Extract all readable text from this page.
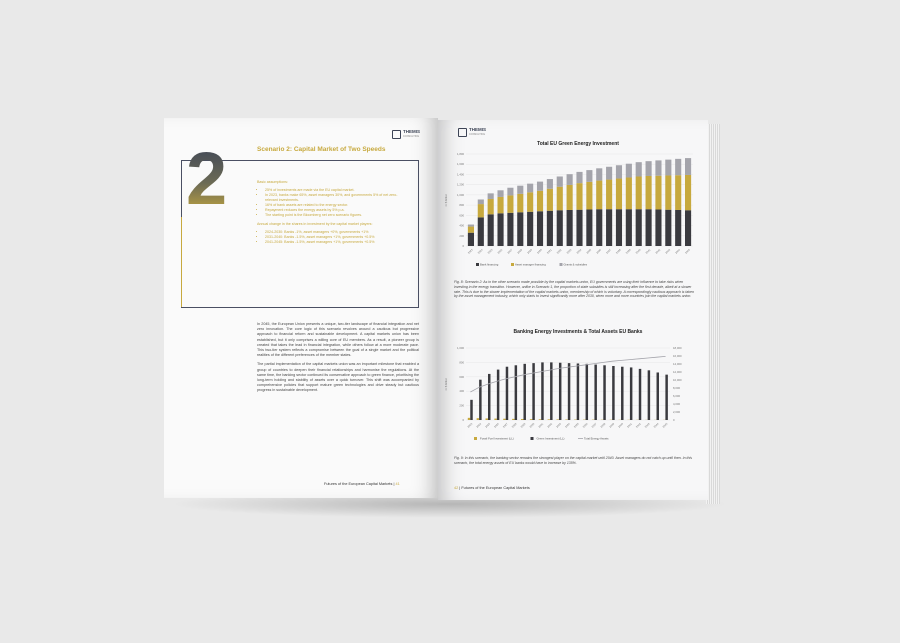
2
THEMIS
CONSULTING
Scenario 2: Capital Market of Two Speeds

Basic assumptions:

• 25% of investments are made via the EU capital market.
• In 2023, banks make 65%, asset managers 30%, and governments 5% of net zero-relevant investments.
• 16% of bank assets are related to the energy sector.
• Repayment reduces the energy assets by 5% p.a.
• The starting point is the Bloomberg net zero scenario figures.

Annual change in the shares in investment by the capital market players:

• 2024-2030: Banks -1%, asset managers +0%, governments +1%
• 2031-2040: Banks -1.5%, asset managers +1%, governments +0.5%
• 2041-2045: Banks -1.5%, asset managers +1%, governments +0.5%

In 2045, the European Union presents a unique, two-tier landscape of financial integration and net zero innovation. The core logic of this scenario revolves around a cautious but progressive approach to financial reform and sustainable development. A capital markets union has been established, but it only comprises a willing core of EU members. As a result, a pioneer group is created that takes the lead in financial integration, while others follow at a more moderate pace. This two-tier system reflects a compromise between the goal of a single market and the political realities of the different preferences of the member states.

The partial implementation of the capital markets union was an important milestone that enabled a group of countries to deepen their financial relationships and harmonise the regulations. At the same time, the banking sector continued its conservative approach to green finance, prioritising the long-term holding and stability of assets over a quick turnover. This shift was accompanied by comprehensive policies that support mature green technologies and drive steady but cautious progress in sustainable development.

Futures of the European Capital Markets | 41
THEMIS
CONSULTING
Total EU Green Energy Investment
0
200
400
600
800
1,000
1,200
1,400
1,600
1,800
in $ billion
2023 2024 2025 2026 2027 2028 2029 2030 2031 2032 2033 2034 2035 2036 2037 2038 2039 2040 2041 2042 2043 2044 2045
Bank financing	Asset manager financing	Grants & subsidies
Fig. 8: Scenario 2: As in the other scenario made possible by the capital markets union, EU governments are using their influence to take risks when investing in the energy transition. However, unlike in Scenario 1, the proportion of state subsidies is still increasing after the first decade, albeit at a slower rate. This is due to the slower implementation of the capital markets union, membership of which is voluntary. A correspondingly cautious approach is taken by the asset management industry, which only starts to invest significantly more after 2030, when more and more countries join the capital markets union.
Banking Energy Investments & Total Assets EU Banks
0
200
400
600
800
1,000
0
2,000
4,000
6,000
8,000
10,000
12,000
14,000
16,000
18,000
in $ billion
2023 2024 2025 2026 2027 2028 2029 2030 2031 2032 2033 2034 2035 2036 2037 2038 2039 2040 2041 2042 2043 2044 2045
Fossil Fuel Investment (LL)	Green Investment (LL)	Total Energy Assets
Fig. 9: In this scenario, the banking sector remains the strongest player on the capital market until 2040. Asset managers do not catch up until then. In this scenario, the total energy assets of EU banks would have to increase by 135%.
42 | Futures of the European Capital Markets
